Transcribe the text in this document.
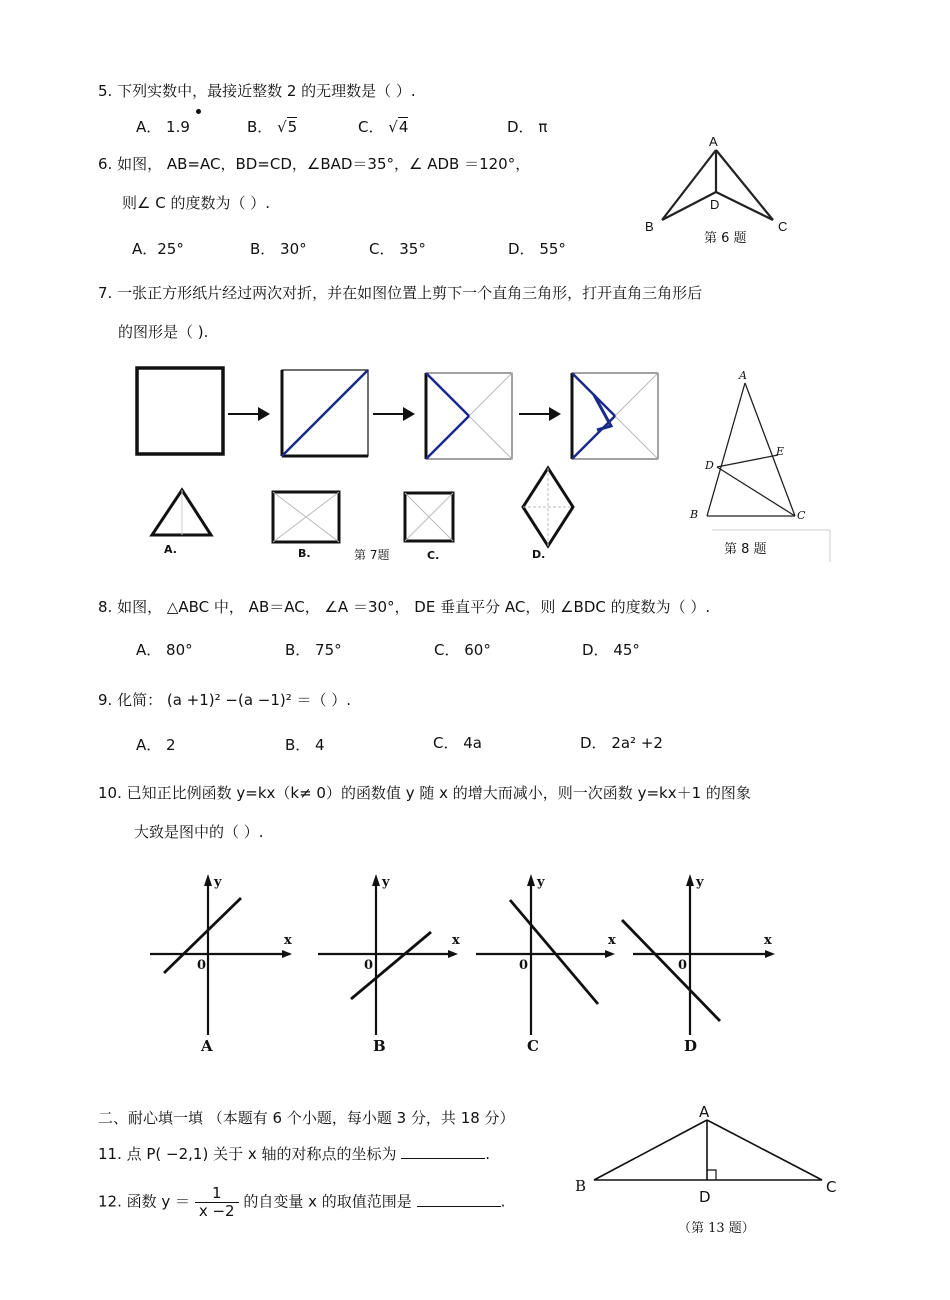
5. 下列实数中，最接近整数 2 的无理数是（ ）.
A． 1.9	B． √5	C． √4	D． π
6. 如图， AB=AC，BD=CD，∠BAD＝35°，∠ ADB ＝120°，
则∠ C 的度数为（ ）.
A．25°	B． 30°	C． 35°	D． 55°
A
D
B	C
第 6 题
7. 一张正方形纸片经过两次对折，并在如图位置上剪下一个直角三角形，打开直角三角形后
的图形是（ ).
A.	B.	第 7题	C.	D.
A
E
D
B	C
第 8 题
8. 如图， △ABC 中， AB＝AC， ∠A ＝30°， DE 垂直平分 AC，则 ∠BDC 的度数为（ ）.
A． 80°	B． 75°	C． 60°	D． 45°
9. 化简： (a +1)² −(a −1)² ＝（ ）.
A． 2	B． 4	C． 4a	D． 2a² +2
10. 已知正比例函数 y=kx（k≠ 0）的函数值 y 随 x 的增大而减小，则一次函数 y=kx＋1 的图象
大致是图中的（ ）.
y
x
0
A
y
x
0
B
y
x
0
C
y
x
0
D
二、耐心填一填 （本题有 6 个小题，每小题 3 分，共 18 分）
11. 点 P( −2,1) 关于 x 轴的对称点的坐标为	.
12. 函数 $y = \frac{1}{x -2}$ 的自变量 x 的取值范围是	.
A
B
D
C
（第 13 题）
